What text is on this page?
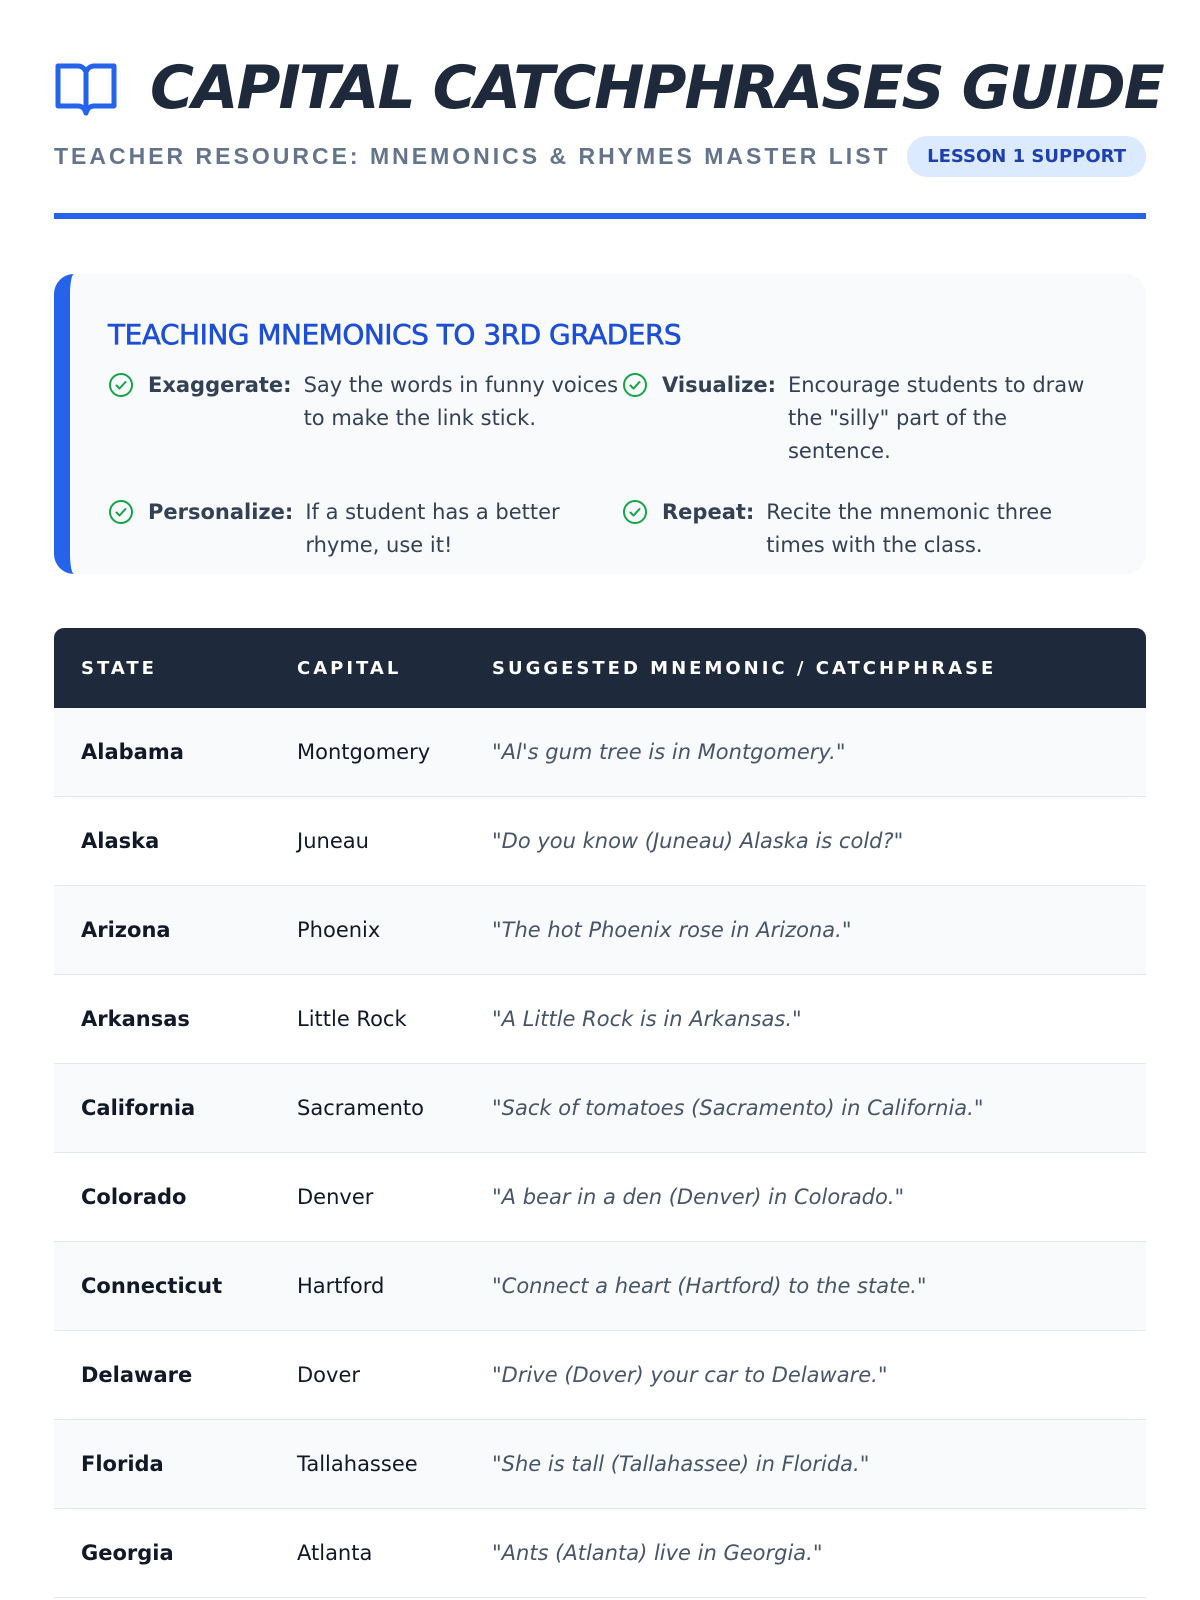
CAPITAL CATCHPHRASES GUIDE
TEACHER RESOURCE: MNEMONICS & RHYMES MASTER LIST	LESSON 1 SUPPORT
TEACHING MNEMONICS TO 3RD GRADERS
Exaggerate: Say the words in funny voices to make the link stick.
Visualize: Encourage students to draw the "silly" part of the sentence.
Personalize: If a student has a better rhyme, use it!
Repeat: Recite the mnemonic three times with the class.
STATE	CAPITAL	SUGGESTED MNEMONIC / CATCHPHRASE
Alabama	Montgomery	"Al's gum tree is in Montgomery."
Alaska	Juneau	"Do you know (Juneau) Alaska is cold?"
Arizona	Phoenix	"The hot Phoenix rose in Arizona."
Arkansas	Little Rock	"A Little Rock is in Arkansas."
California	Sacramento	"Sack of tomatoes (Sacramento) in California."
Colorado	Denver	"A bear in a den (Denver) in Colorado."
Connecticut	Hartford	"Connect a heart (Hartford) to the state."
Delaware	Dover	"Drive (Dover) your car to Delaware."
Florida	Tallahassee	"She is tall (Tallahassee) in Florida."
Georgia	Atlanta	"Ants (Atlanta) live in Georgia."
